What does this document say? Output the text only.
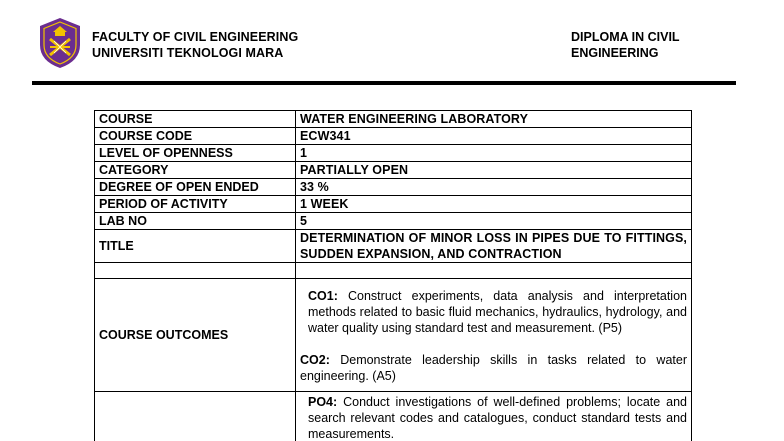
FACULTY OF CIVIL ENGINEERING
UNIVERSITI TEKNOLOGI MARA
DIPLOMA IN CIVIL
ENGINEERING
COURSE	WATER ENGINEERING LABORATORY
COURSE CODE	ECW341
LEVEL OF OPENNESS	1
CATEGORY	PARTIALLY OPEN
DEGREE OF OPEN ENDED	33 %
PERIOD OF ACTIVITY	1 WEEK
LAB NO	5
TITLE	DETERMINATION OF MINOR LOSS IN PIPES DUE TO FITTINGS, SUDDEN EXPANSION, AND CONTRACTION

COURSE OUTCOMES	CO1: Construct experiments, data analysis and interpretation methods related to basic fluid mechanics, hydraulics, hydrology, and water quality using standard test and measurement. (P5)

CO2: Demonstrate leadership skills in tasks related to water engineering. (A5)

	PO4: Conduct investigations of well-defined problems; locate and search relevant codes and catalogues, conduct standard tests and measurements.
